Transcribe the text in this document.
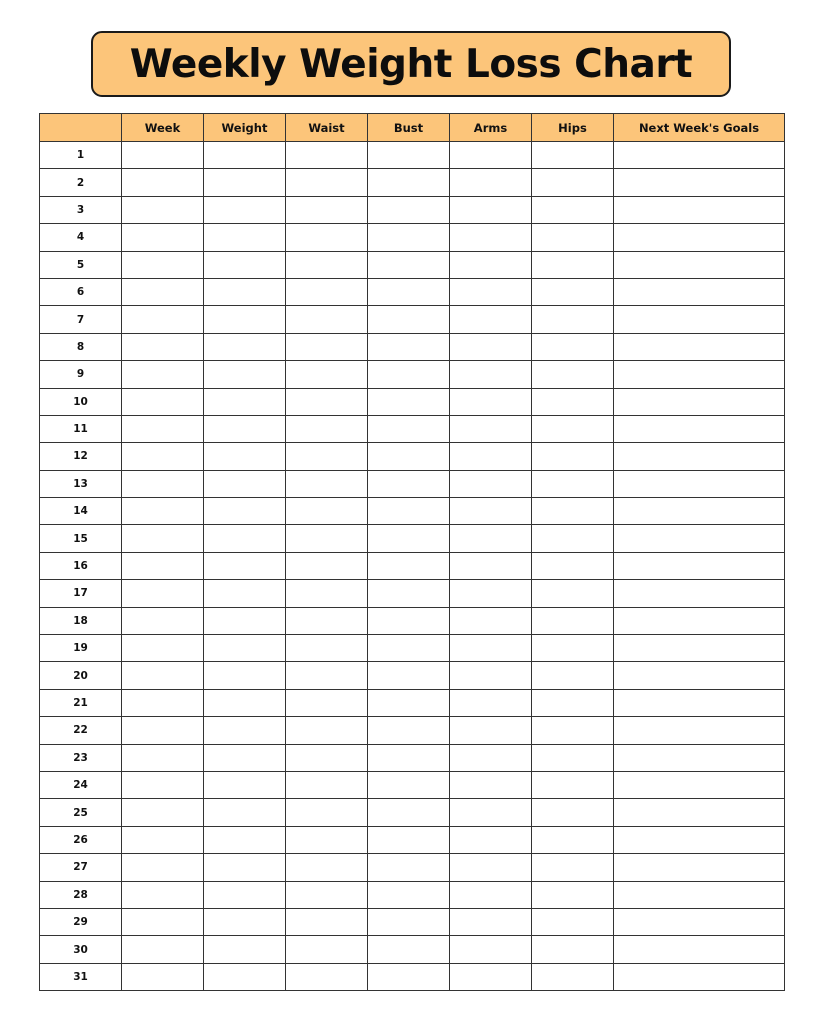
Weekly Weight Loss Chart
	Week	Weight	Waist	Bust	Arms	Hips	Next Week's Goals
1							
2							
3							
4							
5							
6							
7							
8							
9							
10							
11							
12							
13							
14							
15							
16							
17							
18							
19							
20							
21							
22							
23							
24							
25							
26							
27							
28							
29							
30							
31							
